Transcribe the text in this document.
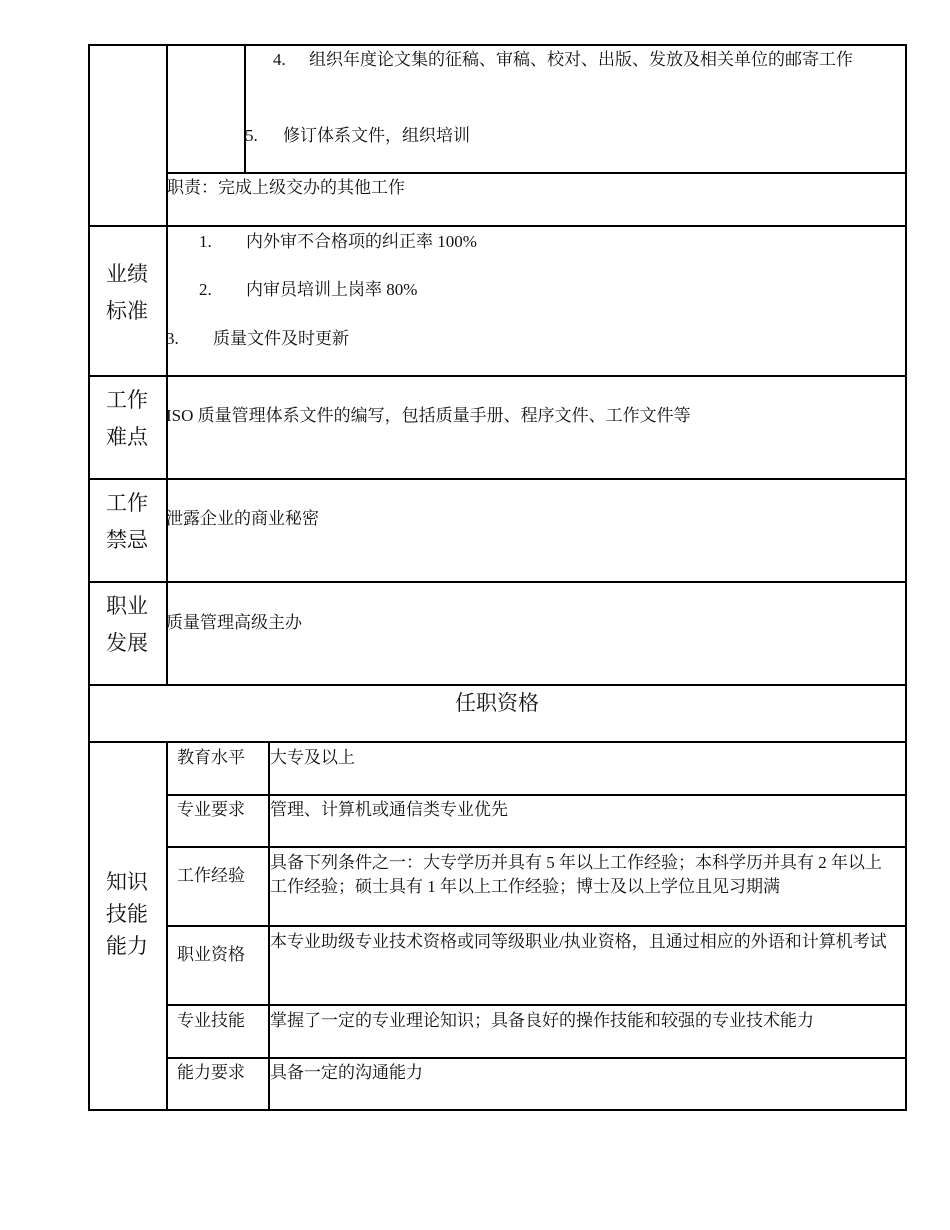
4. 组织年度论文集的征稿、审稿、校对、出版、发放及相关单位的邮寄工作
5. 修订体系文件，组织培训
职责：完成上级交办的其他工作
业绩
标准
1. 内外审不合格项的纠正率 100%
2. 内审员培训上岗率 80%
3. 质量文件及时更新
工作
难点
ISO 质量管理体系文件的编写，包括质量手册、程序文件、工作文件等
工作
禁忌
泄露企业的商业秘密
职业
发展
质量管理高级主办
任职资格
知识
技能
能力
教育水平 大专及以上
专业要求 管理、计算机或通信类专业优先
工作经验
具备下列条件之一：大专学历并具有 5 年以上工作经验；本科学历并具有 2 年以上工作经验；硕士具有 1 年以上工作经验；博士及以上学位且见习期满
职业资格
本专业助级专业技术资格或同等级职业/执业资格，且通过相应的外语和计算机考试
专业技能 掌握了一定的专业理论知识；具备良好的操作技能和较强的专业技术能力
能力要求 具备一定的沟通能力
